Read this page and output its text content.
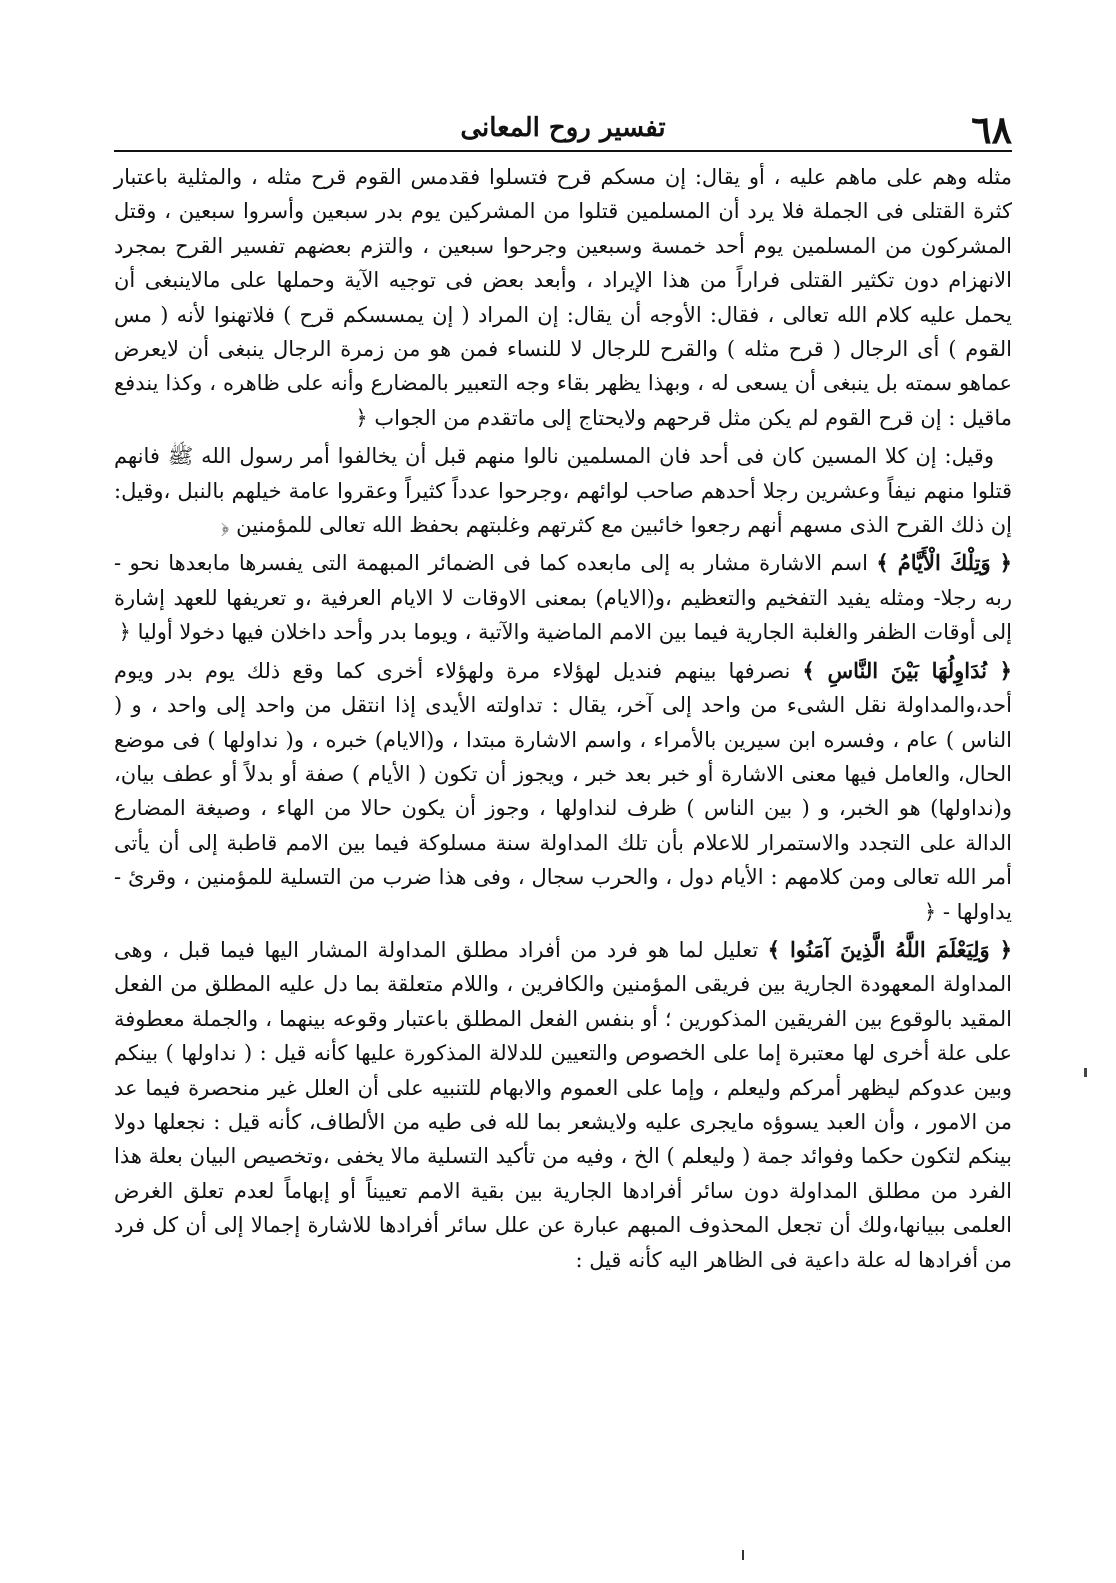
٦٨
تفسير روح المعانى

مثله وهم على ماهم عليه ، أو يقال: إن مسكم قرح فتسلوا فقدمس القوم قرح مثله ، والمثلية باعتبار كثرة القتلى فى الجملة فلا يرد أن المسلمين قتلوا من المشركين يوم بدر سبعين وأسروا سبعين ، وقتل المشركون من المسلمين يوم أحد خمسة وسبعين وجرحوا سبعين ، والتزم بعضهم تفسير القرح بمجرد الانهزام دون تكثير القتلى فراراً من هذا الإيراد ، وأبعد بعض فى توجيه الآية وحملها على مالاينبغى أن يحمل عليه كلام الله تعالى ، فقال: الأوجه أن يقال: إن المراد ( إن يمسسكم قرح ) فلاتهنوا لأنه ( مس القوم ) أى الرجال ( قرح مثله ) والقرح للرجال لا للنساء فمن هو من زمرة الرجال ينبغى أن لايعرض عماهو سمته بل ينبغى أن يسعى له ، وبهذا يظهر بقاء وجه التعبير بالمضارع وأنه على ظاهره ، وكذا يندفع ماقيل : إن قرح القوم لم يكن مثل قرحهم ولايحتاج إلى ماتقدم من الجواب ﴿

وقيل: إن كلا المسين كان فى أحد فان المسلمين نالوا منهم قبل أن يخالفوا أمر رسول الله ﷺ فانهم قتلوا منهم نيفاً وعشرين رجلا أحدهم صاحب لوائهم ،وجرحوا عدداً كثيراً وعقروا عامة خيلهم بالنبل ،وقيل: إن ذلك القرح الذى مسهم أنهم رجعوا خائبين مع كثرتهم وغلبتهم بحفظ الله تعالى للمؤمنين ﴿

﴿ وَتِلْكَ الْأَيَّامُ ﴾ اسم الاشارة مشار به إلى مابعده كما فى الضمائر المبهمة التى يفسرها مابعدها نحو - ربه رجلا- ومثله يفيد التفخيم والتعظيم ،و(الايام) بمعنى الاوقات لا الايام العرفية ،و تعريفها للعهد إشارة إلى أوقات الظفر والغلبة الجارية فيما بين الامم الماضية والآتية ، ويوما بدر وأحد داخلان فيها دخولا أوليا ﴿

﴿ نُدَاوِلُهَا بَيْنَ النَّاسِ ﴾ نصرفها بينهم فنديل لهؤلاء مرة ولهؤلاء أخرى كما وقع ذلك يوم بدر ويوم أحد،والمداولة نقل الشىء من واحد إلى آخر، يقال : تداولته الأيدى إذا انتقل من واحد إلى واحد ، و ( الناس ) عام ، وفسره ابن سيرين بالأمراء ، واسم الاشارة مبتدا ، و(الايام) خبره ، و( نداولها ) فى موضع الحال، والعامل فيها معنى الاشارة أو خبر بعد خبر ، ويجوز أن تكون ( الأيام ) صفة أو بدلاً أو عطف بيان، و(نداولها) هو الخبر، و ( بين الناس ) ظرف لنداولها ، وجوز أن يكون حالا من الهاء ، وصيغة المضارع الدالة على التجدد والاستمرار للاعلام بأن تلك المداولة سنة مسلوكة فيما بين الامم قاطبة إلى أن يأتى أمر الله تعالى ومن كلامهم : الأيام دول ، والحرب سجال ، وفى هذا ضرب من التسلية للمؤمنين ، وقرئ - يداولها - ﴿

﴿ وَلِيَعْلَمَ اللَّهُ الَّذِينَ آمَنُوا ﴾ تعليل لما هو فرد من أفراد مطلق المداولة المشار اليها فيما قبل ، وهى المداولة المعهودة الجارية بين فريقى المؤمنين والكافرين ، واللام متعلقة بما دل عليه المطلق من الفعل المقيد بالوقوع بين الفريقين المذكورين ؛ أو بنفس الفعل المطلق باعتبار وقوعه بينهما ، والجملة معطوفة على علة أخرى لها معتبرة إما على الخصوص والتعيين للدلالة المذكورة عليها كأنه قيل : ( نداولها ) بينكم وبين عدوكم ليظهر أمركم وليعلم ، وإما على العموم والابهام للتنبيه على أن العلل غير منحصرة فيما عد من الامور ، وأن العبد يسوؤه مايجرى عليه ولايشعر بما لله فى طيه من الألطاف، كأنه قيل : نجعلها دولا بينكم لتكون حكما وفوائد جمة ( وليعلم ) الخ ، وفيه من تأكيد التسلية مالا يخفى ،وتخصيص البيان بعلة هذا الفرد من مطلق المداولة دون سائر أفرادها الجارية بين بقية الامم تعييناً أو إبهاماً لعدم تعلق الغرض العلمى ببيانها،ولك أن تجعل المحذوف المبهم عبارة عن علل سائر أفرادها للاشارة إجمالا إلى أن كل فرد من أفرادها له علة داعية فى الظاهر اليه كأنه قيل :
